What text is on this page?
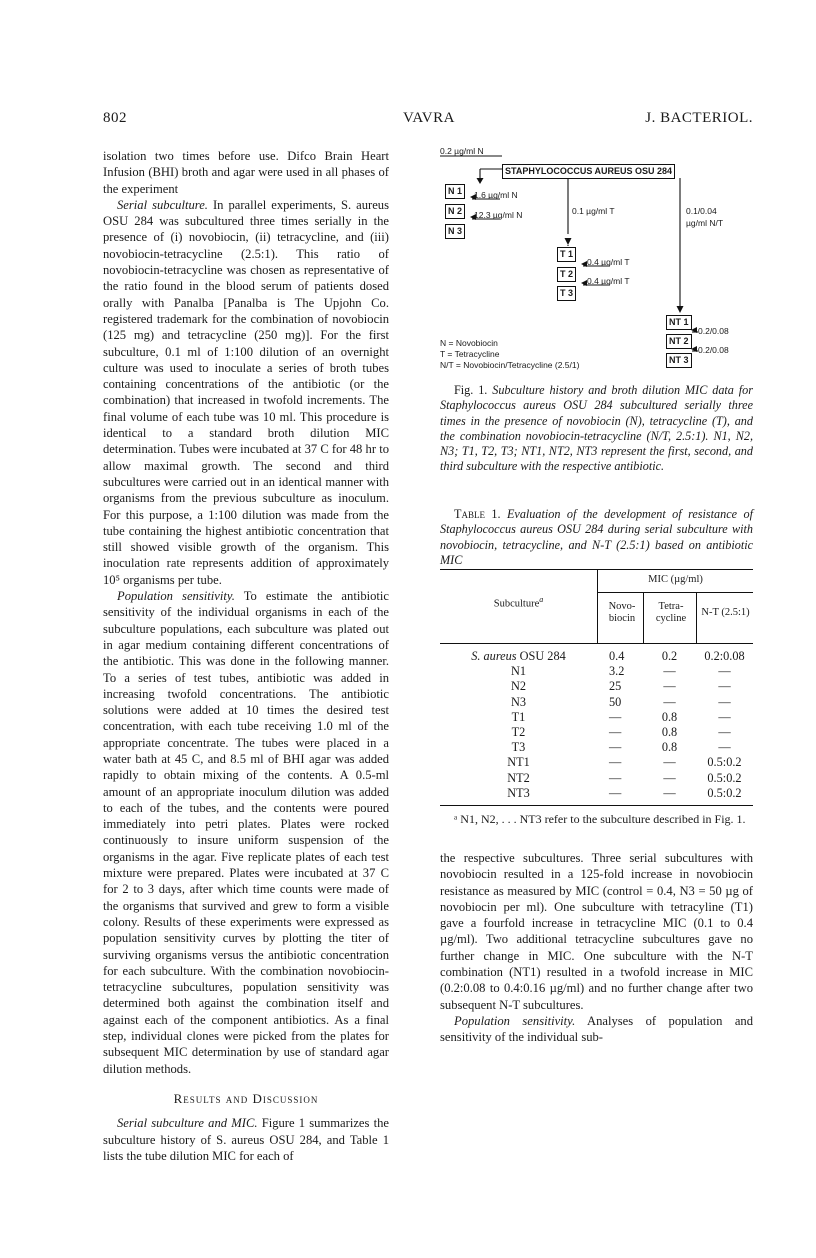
802	VAVRA	J. BACTERIOL.

isolation two times before use. Difco Brain Heart Infusion (BHI) broth and agar were used in all phases of the experiment

Serial subculture. In parallel experiments, S. aureus OSU 284 was subcultured three times serially in the presence of (i) novobiocin, (ii) tetracycline, and (iii) novobiocin-tetracycline (2.5:1). This ratio of novobiocin-tetracycline was chosen as representative of the ratio found in the blood serum of patients dosed orally with Panalba [Panalba is The Upjohn Co. registered trademark for the combination of novobiocin (125 mg) and tetracycline (250 mg)]. For the first subculture, 0.1 ml of 1:100 dilution of an overnight culture was used to inoculate a series of broth tubes containing concentrations of the antibiotic (or the combination) that increased in twofold increments. The final volume of each tube was 10 ml. This procedure is identical to a standard broth dilution MIC determination. Tubes were incubated at 37 C for 48 hr to allow maximal growth. The second and third subcultures were carried out in an identical manner with organisms from the previous subculture as inoculum. For this purpose, a 1:100 dilution was made from the tube containing the highest antibiotic concentration that still showed visible growth of the organism. This inoculation rate represents addition of approximately 10⁵ organisms per tube.

Population sensitivity. To estimate the antibiotic sensitivity of the individual organisms in each of the subculture populations, each subculture was plated out in agar medium containing different concentrations of the antibiotic. This was done in the following manner. To a series of test tubes, antibiotic was added in increasing twofold concentrations. The antibiotic solutions were added at 10 times the desired test concentration, with each tube receiving 1.0 ml of the appropriate concentrate. The tubes were placed in a water bath at 45 C, and 8.5 ml of BHI agar was added rapidly to obtain mixing of the contents. A 0.5-ml amount of an appropriate inoculum dilution was added to each of the tubes, and the contents were poured immediately into petri plates. Plates were rocked continuously to insure uniform suspension of the organisms in the agar. Five replicate plates of each test mixture were prepared. Plates were incubated at 37 C for 2 to 3 days, after which time counts were made of the organisms that survived and grew to form a visible colony. Results of these experiments were expressed as population sensitivity curves by plotting the titer of surviving organisms versus the antibiotic concentration for each subculture. With the combination novobiocin-tetracycline subcultures, population sensitivity was determined both against the combination itself and against each of the component antibiotics. As a final step, individual clones were picked from the plates for subsequent MIC determination by use of standard agar dilution methods.

Results and Discussion

Serial subculture and MIC. Figure 1 summarizes the subculture history of S. aureus OSU 284, and Table 1 lists the tube dilution MIC for each of

0.2 µg/ml N
STAPHYLOCOCCUS AUREUS OSU 284
N 1
N 2
N 3
1.6 µg/ml N
12.3 µg/ml N	0.1 µg/ml T
T 1
T 2
T 3
0.4 µg/ml T
0.4 µg/ml T
0.1/0.04
µg/ml N/T
NT 1
NT 2
NT 3
0.2/0.08
0.2/0.08
N = Novobiocin
T = Tetracycline
N/T = Novobiocin/Tetracycline (2.5/1)
Fig. 1. Subculture history and broth dilution MIC data for Staphylococcus aureus OSU 284 subcultured serially three times in the presence of novobiocin (N), tetracycline (T), and the combination novobiocin-tetracycline (N/T, 2.5:1). N1, N2, N3; T1, T2, T3; NT1, NT2, NT3 represent the first, second, and third subculture with the respective antibiotic.
Table 1. Evaluation of the development of resistance of Staphylococcus aureus OSU 284 during serial subculture with novobiocin, tetracycline, and N-T (2.5:1) based on antibiotic MIC
Subculture$^a$
MIC (µg/ml)
Novo-
biocin
Tetra-
cycline
N-T (2.5:1)
S. aureus OSU 284	0.4	0.2	0.2:0.08
N1	3.2	—	—
N2	25	—	—
N3	50	—	—
T1	—	0.8	—
T2	—	0.8	—
T3	—	0.8	—
NT1	—	—	0.5:0.2
NT2	—	—	0.5:0.2
NT3	—	—	0.5:0.2
ᵃ N1, N2, . . . NT3 refer to the subculture described in Fig. 1.

the respective subcultures. Three serial subcultures with novobiocin resulted in a 125-fold increase in novobiocin resistance as measured by MIC (control = 0.4, N3 = 50 µg of novobiocin per ml). One subculture with tetracyline (T1) gave a fourfold increase in tetracycline MIC (0.1 to 0.4 µg/ml). Two additional tetracycline subcultures gave no further change in MIC. One subculture with the N-T combination (NT1) resulted in a twofold increase in MIC (0.2:0.08 to 0.4:0.16 µg/ml) and no further change after two subsequent N-T subcultures.

Population sensitivity. Analyses of population and sensitivity of the individual sub-
